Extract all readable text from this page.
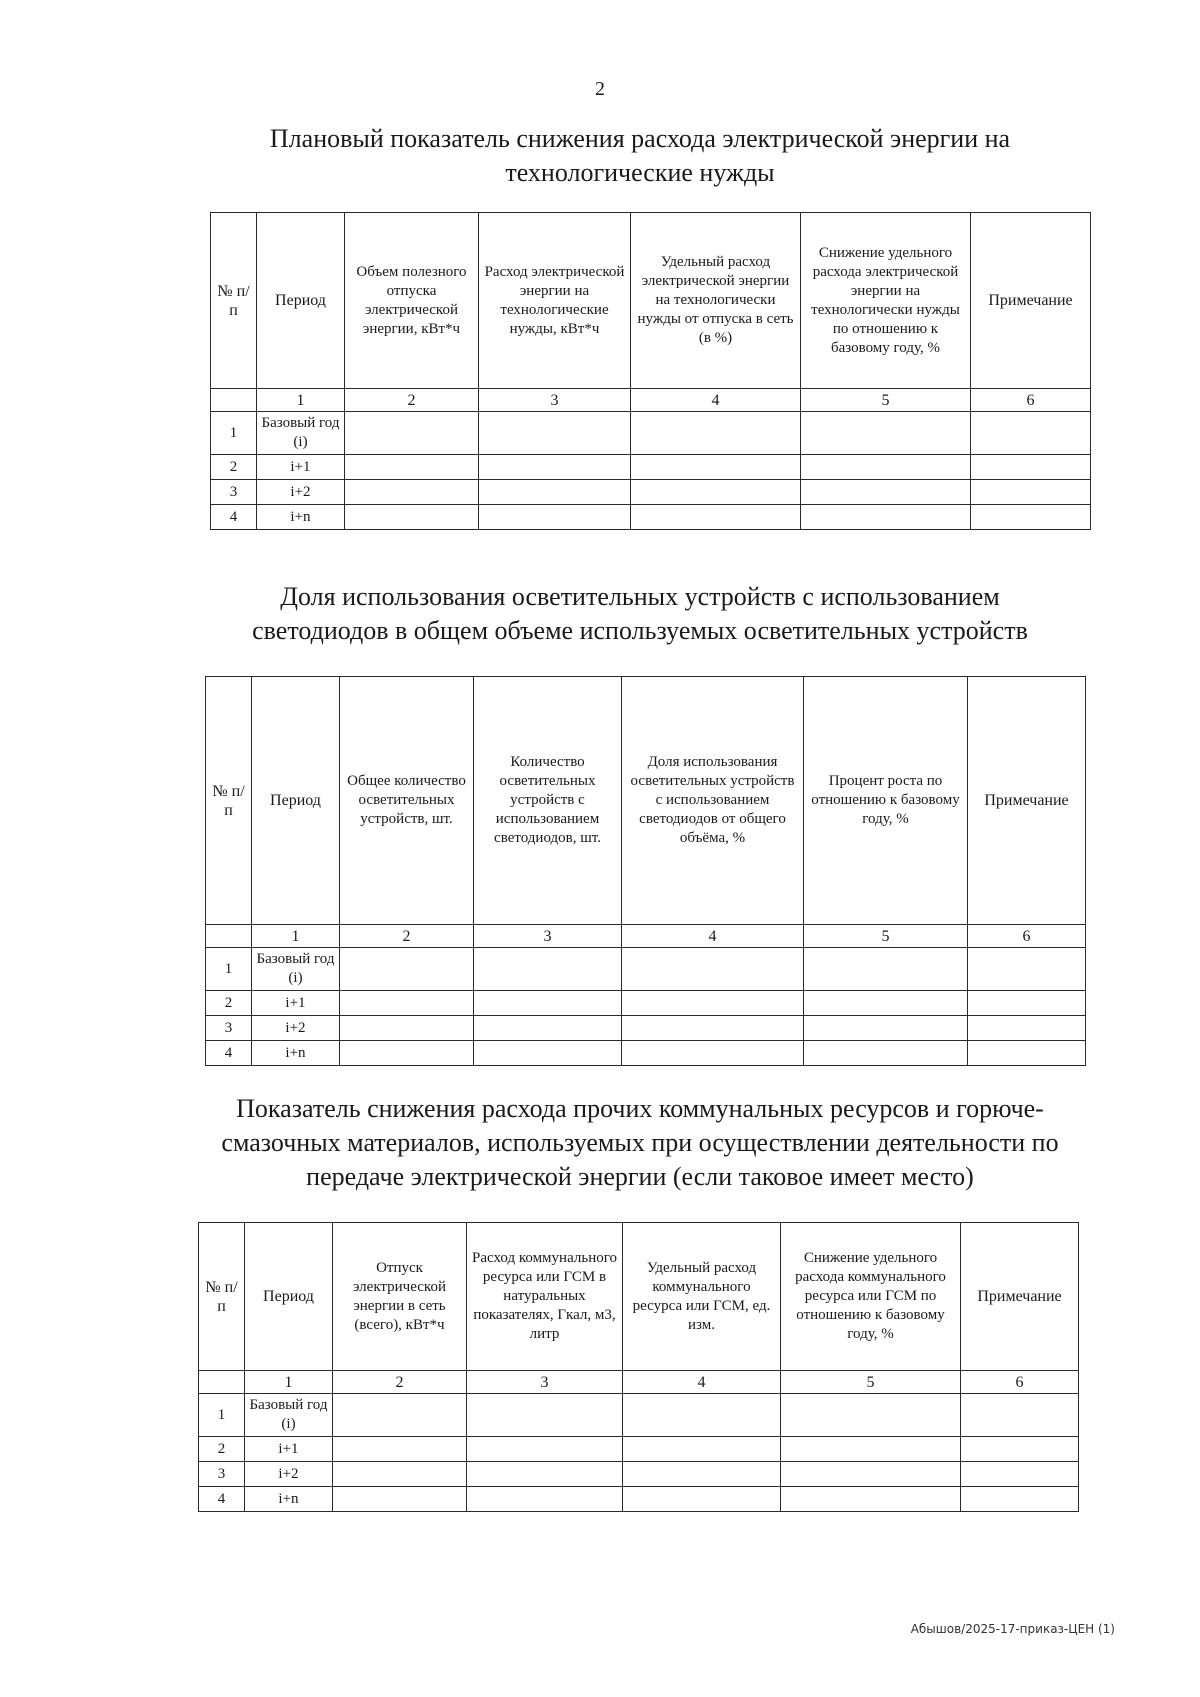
2
Плановый показатель снижения расхода электрической энергии на
технологические нужды
№ п/п	Период	Объем полезного отпуска электрической энергии, кВт*ч	Расход электрической энергии на технологические нужды, кВт*ч	Удельный расход электрической энергии на технологически нужды от отпуска в сеть (в %)	Снижение удельного расхода электрической энергии на технологически нужды по отношению к базовому году, %	Примечание
	1	2	3	4	5	6
1	Базовый год (i)					
2	i+1					
3	i+2					
4	i+n					
Доля использования осветительных устройств с использованием
светодиодов в общем объеме используемых осветительных устройств
№ п/п	Период	Общее количество осветительных устройств, шт.	Количество осветительных устройств с использованием светодиодов, шт.	Доля использования осветительных устройств с использованием светодиодов от общего объёма, %	Процент роста по отношению к базовому году, %	Примечание
	1	2	3	4	5	6
1	Базовый год (i)					
2	i+1					
3	i+2					
4	i+n					
Показатель снижения расхода прочих коммунальных ресурсов и горюче-
смазочных материалов, используемых при осуществлении деятельности по
передаче электрической энергии (если таковое имеет место)
№ п/п	Период	Отпуск электрической энергии в сеть (всего), кВт*ч	Расход коммунального ресурса или ГСМ в натуральных показателях, Гкал, м3, литр	Удельный расход коммунального ресурса или ГСМ, ед. изм.	Снижение удельного расхода коммунального ресурса или ГСМ по отношению к базовому году, %	Примечание
	1	2	3	4	5	6
1	Базовый год (i)					
2	i+1					
3	i+2					
4	i+n					
Абышов/2025-17-приказ-ЦЕН (1)
